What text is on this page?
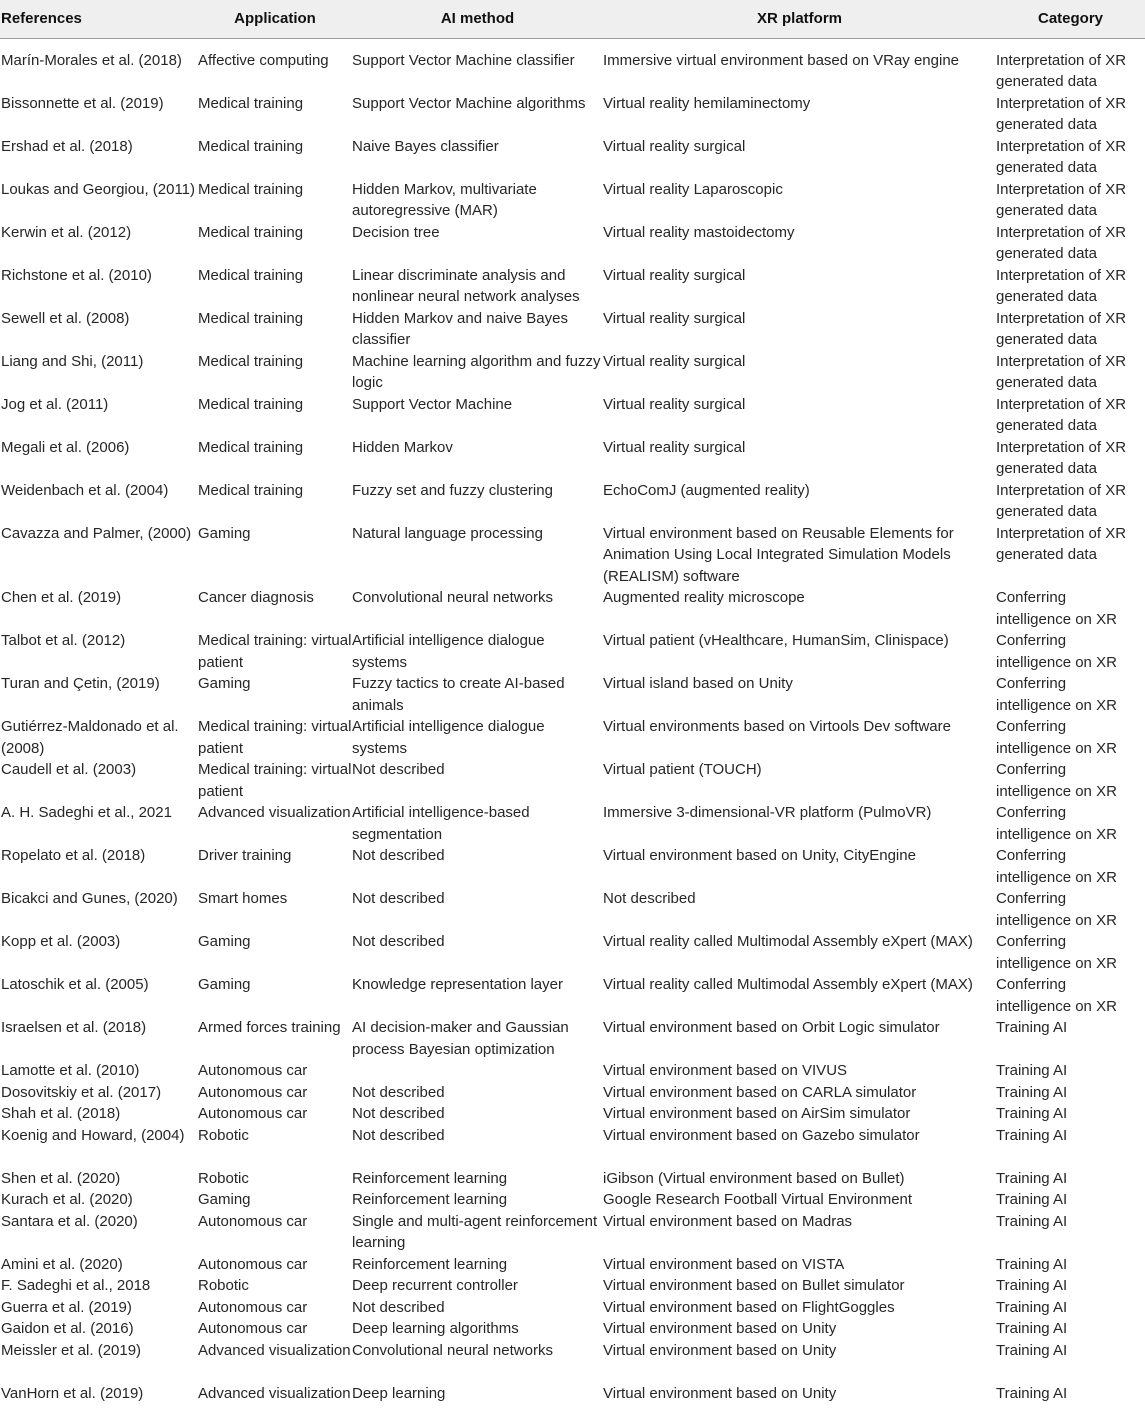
References	Application	AI method	XR platform	Category
Marín-Morales et al. (2018)	Affective computing	Support Vector Machine classifier	Immersive virtual environment based on VRay engine	Interpretation of XR generated data
Bissonnette et al. (2019)	Medical training	Support Vector Machine algorithms	Virtual reality hemilaminectomy	Interpretation of XR generated data
Ershad et al. (2018)	Medical training	Naive Bayes classifier	Virtual reality surgical	Interpretation of XR generated data
Loukas and Georgiou, (2011)	Medical training	Hidden Markov, multivariate autoregressive (MAR)	Virtual reality Laparoscopic	Interpretation of XR generated data
Kerwin et al. (2012)	Medical training	Decision tree	Virtual reality mastoidectomy	Interpretation of XR generated data
Richstone et al. (2010)	Medical training	Linear discriminate analysis and nonlinear neural network analyses	Virtual reality surgical	Interpretation of XR generated data
Sewell et al. (2008)	Medical training	Hidden Markov and naive Bayes classifier	Virtual reality surgical	Interpretation of XR generated data
Liang and Shi, (2011)	Medical training	Machine learning algorithm and fuzzy logic	Virtual reality surgical	Interpretation of XR generated data
Jog et al. (2011)	Medical training	Support Vector Machine	Virtual reality surgical	Interpretation of XR generated data
Megali et al. (2006)	Medical training	Hidden Markov	Virtual reality surgical	Interpretation of XR generated data
Weidenbach et al. (2004)	Medical training	Fuzzy set and fuzzy clustering	EchoComJ (augmented reality)	Interpretation of XR generated data
Cavazza and Palmer, (2000)	Gaming	Natural language processing	Virtual environment based on Reusable Elements for Animation Using Local Integrated Simulation Models (REALISM) software	Interpretation of XR generated data
Chen et al. (2019)	Cancer diagnosis	Convolutional neural networks	Augmented reality microscope	Conferring intelligence on XR
Talbot et al. (2012)	Medical training: virtual patient	Artificial intelligence dialogue systems	Virtual patient (vHealthcare, HumanSim, Clinispace)	Conferring intelligence on XR
Turan and Çetin, (2019)	Gaming	Fuzzy tactics to create AI-based animals	Virtual island based on Unity	Conferring intelligence on XR
Gutiérrez-Maldonado et al. (2008)	Medical training: virtual patient	Artificial intelligence dialogue systems	Virtual environments based on Virtools Dev software	Conferring intelligence on XR
Caudell et al. (2003)	Medical training: virtual patient	Not described	Virtual patient (TOUCH)	Conferring intelligence on XR
A. H. Sadeghi et al., 2021	Advanced visualization	Artificial intelligence-based segmentation	Immersive 3-dimensional-VR platform (PulmoVR)	Conferring intelligence on XR
Ropelato et al. (2018)	Driver training	Not described	Virtual environment based on Unity, CityEngine	Conferring intelligence on XR
Bicakci and Gunes, (2020)	Smart homes	Not described	Not described	Conferring intelligence on XR
Kopp et al. (2003)	Gaming	Not described	Virtual reality called Multimodal Assembly eXpert (MAX)	Conferring intelligence on XR
Latoschik et al. (2005)	Gaming	Knowledge representation layer	Virtual reality called Multimodal Assembly eXpert (MAX)	Conferring intelligence on XR
Israelsen et al. (2018)	Armed forces training	AI decision-maker and Gaussian process Bayesian optimization	Virtual environment based on Orbit Logic simulator	Training AI
Lamotte et al. (2010)	Autonomous car		Virtual environment based on VIVUS	Training AI
Dosovitskiy et al. (2017)	Autonomous car	Not described	Virtual environment based on CARLA simulator	Training AI
Shah et al. (2018)	Autonomous car	Not described	Virtual environment based on AirSim simulator	Training AI
Koenig and Howard, (2004)	Robotic	Not described	Virtual environment based on Gazebo simulator	Training AI
Shen et al. (2020)	Robotic	Reinforcement learning	iGibson (Virtual environment based on Bullet)	Training AI
Kurach et al. (2020)	Gaming	Reinforcement learning	Google Research Football Virtual Environment	Training AI
Santara et al. (2020)	Autonomous car	Single and multi-agent reinforcement learning	Virtual environment based on Madras	Training AI
Amini et al. (2020)	Autonomous car	Reinforcement learning	Virtual environment based on VISTA	Training AI
F. Sadeghi et al., 2018	Robotic	Deep recurrent controller	Virtual environment based on Bullet simulator	Training AI
Guerra et al. (2019)	Autonomous car	Not described	Virtual environment based on FlightGoggles	Training AI
Gaidon et al. (2016)	Autonomous car	Deep learning algorithms	Virtual environment based on Unity	Training AI
Meissler et al. (2019)	Advanced visualization	Convolutional neural networks	Virtual environment based on Unity	Training AI
VanHorn et al. (2019)	Advanced visualization	Deep learning	Virtual environment based on Unity	Training AI
